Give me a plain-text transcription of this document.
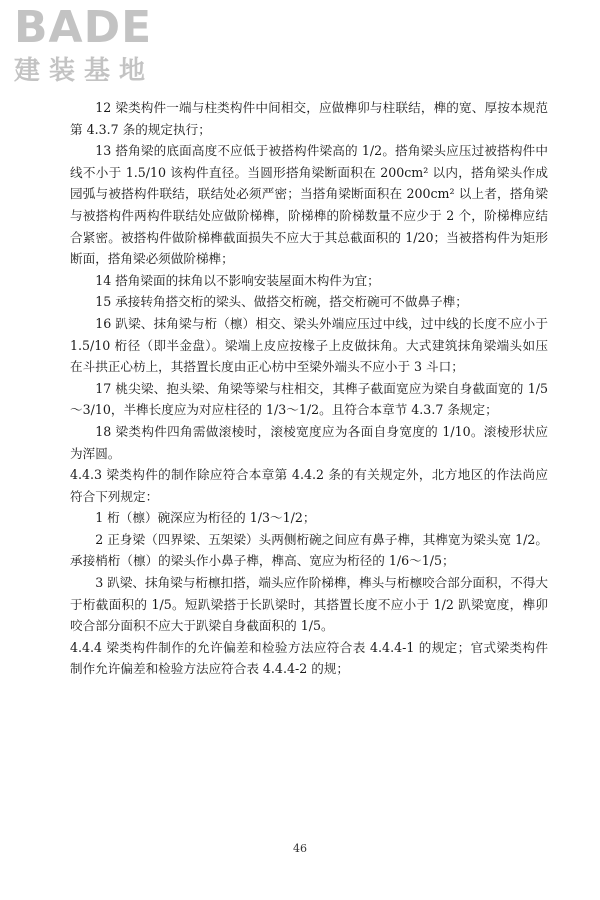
BADE
建装基地

12 梁类构件一端与柱类构件中间相交，应做榫卯与柱联结，榫的宽、厚按本规范第 4.3.7 条的规定执行；

13 搭角梁的底面高度不应低于被搭构件梁高的 1/2。搭角梁头应压过被搭构件中线不小于 1.5/10 该构件直径。当圆形搭角梁断面积在 200cm² 以内，搭角梁头作成园弧与被搭构件联结，联结处必须严密；当搭角梁断面积在 200cm² 以上者，搭角梁与被搭构件两构件联结处应做阶梯榫，阶梯榫的阶梯数量不应少于 2 个，阶梯榫应结合紧密。被搭构件做阶梯榫截面损失不应大于其总截面积的 1/20；当被搭构件为矩形断面，搭角梁必须做阶梯榫；

14 搭角梁面的抹角以不影响安装屋面木构件为宜；

15 承接转角搭交桁的梁头、做搭交桁碗，搭交桁碗可不做鼻子榫；

16 趴梁、抹角梁与桁（檩）相交、梁头外端应压过中线，过中线的长度不应小于 1.5/10 桁径（即半金盘）。梁端上皮应按椽子上皮做抹角。大式建筑抹角梁端头如压在斗拱正心枋上，其搭置长度由正心枋中至梁外端头不应小于 3 斗口；

17 桃尖梁、抱头梁、角梁等梁与柱相交，其榫子截面宽应为梁自身截面宽的 1/5～3/10，半榫长度应为对应柱径的 1/3～1/2。且符合本章节 4.3.7 条规定；

18 梁类构件四角需做滚棱时，滚棱宽度应为各面自身宽度的 1/10。滚棱形状应为浑圆。

4.4.3 梁类构件的制作除应符合本章第 4.4.2 条的有关规定外，北方地区的作法尚应符合下列规定：

1 桁（檩）碗深应为桁径的 1/3～1/2；

2 正身梁（四界梁、五架梁）头两侧桁碗之间应有鼻子榫，其榫宽为梁头宽 1/2。承接梢桁（檩）的梁头作小鼻子榫，榫高、宽应为桁径的 1/6～1/5；

3 趴梁、抹角梁与桁檩扣搭，端头应作阶梯榫，榫头与桁檩咬合部分面积，不得大于桁截面积的 1/5。短趴梁搭于长趴梁时，其搭置长度不应小于 1/2 趴梁宽度，榫卯咬合部分面积不应大于趴梁自身截面积的 1/5。

4.4.4 梁类构件制作的允许偏差和检验方法应符合表 4.4.4-1 的规定；官式梁类构件制作允许偏差和检验方法应符合表 4.4.4-2 的规；

46
